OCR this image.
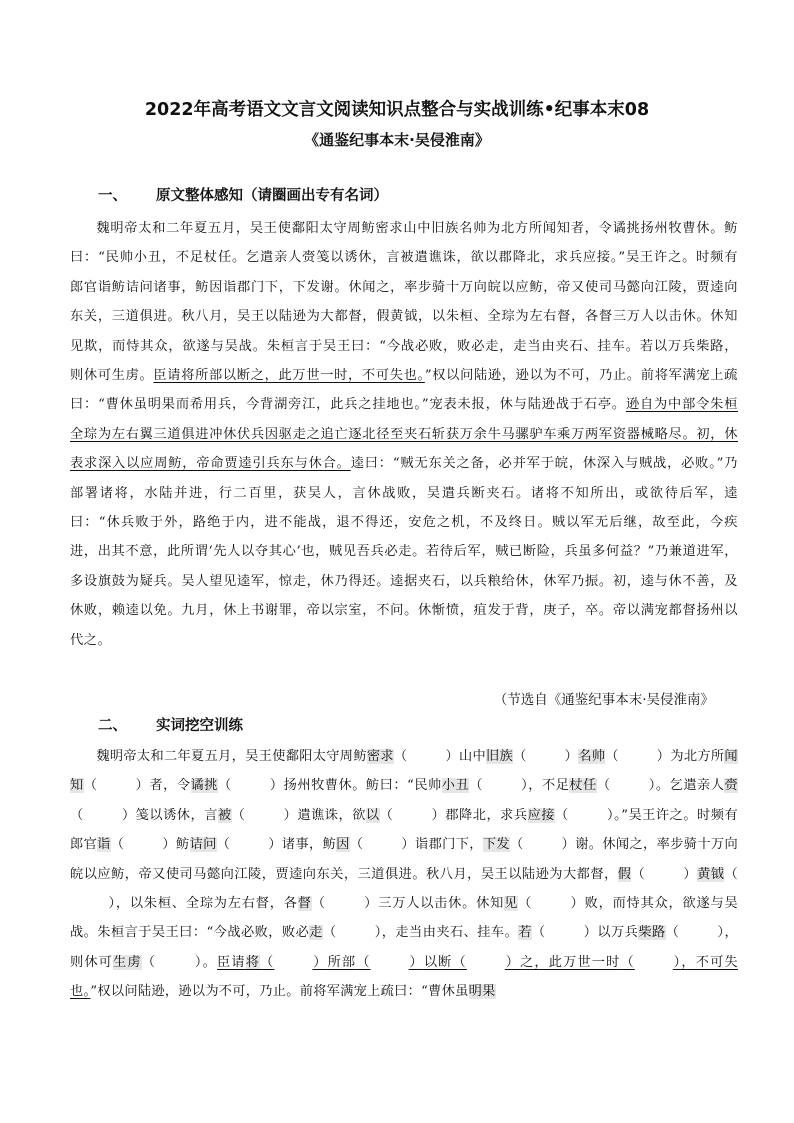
2022年高考语文文言文阅读知识点整合与实战训练•纪事本末08
《通鉴纪事本末·吴侵淮南》
一、 原文整体感知（请圈画出专有名词）

魏明帝太和二年夏五月，吴王使鄱阳太守周鲂密求山中旧族名帅为北方所闻知者，令谲挑扬州牧曹休。鲂曰：“民帅小丑，不足杖任。乞遣亲人赍笺以诱休，言被遣谯诛，欲以郡降北，求兵应接。”吴王许之。时频有郎官诣鲂诘问诸事，鲂因诣郡门下，下发谢。休闻之，率步骑十万向皖以应鲂，帝又使司马懿向江陵，贾逵向东关，三道俱进。秋八月，吴王以陆逊为大都督，假黄钺，以朱桓、全琮为左右督，各督三万人以击休。休知见欺，而恃其众，欲遂与吴战。朱桓言于吴王曰：“今战必败，败必走，走当由夹石、挂车。若以万兵柴路，则休可生虏。臣请将所部以断之，此万世一时，不可失也。”权以问陆逊，逊以为不可，乃止。前将军满宠上疏曰：“曹休虽明果而希用兵，今背湖旁江，此兵之挂地也。”宠表未报，休与陆逊战于石亭。逊自为中部令朱桓全琮为左右翼三道俱进冲休伏兵因驱走之追亡逐北径至夹石斩获万余牛马骡驴车乘万两军资器械略尽。初，休表求深入以应周鲂，帝命贾逵引兵东与休合。逵曰：“贼无东关之备，必并军于皖，休深入与贼战，必败。”乃部署诸将，水陆并进，行二百里，获吴人，言休战败，吴遣兵断夹石。诸将不知所出，或欲待后军，逵曰：“休兵败于外，路绝于内，进不能战，退不得还，安危之机，不及终日。贼以军无后继，故至此，今疾进，出其不意，此所谓‘先人以夺其心’也，贼见吾兵必走。若待后军，贼已断险，兵虽多何益？”乃兼道进军，多设旗鼓为疑兵。吴人望见逵军，惊走，休乃得还。逵据夹石，以兵粮给休，休军乃振。初，逵与休不善，及休败，赖逵以免。九月，休上书谢罪，帝以宗室，不问。休惭愤，疽发于背，庚子，卒。帝以满宠都督扬州以代之。

（节选自《通鉴纪事本末·吴侵淮南》

二、 实词挖空训练

魏明帝太和二年夏五月，吴王使鄱阳太守周鲂密求（	）山中旧族（	）名帅（	）为北方所闻知（	）者，令谲挑（	）扬州牧曹休。鲂曰：“民帅小丑（	），不足杖任（	）。乞遣亲人赍（	）笺以诱休，言被（	）遣谯诛，欲以（	）郡降北，求兵应接（	）。”吴王许之。时频有郎官诣（	）鲂诘问（	）诸事，鲂因（	）诣郡门下，下发（	）谢。休闻之，率步骑十万向皖以应鲂，帝又使司马懿向江陵，贾逵向东关，三道俱进。秋八月，吴王以陆逊为大都督，假（	）黄钺（），以朱桓、全琮为左右督，各督（	）三万人以击休。休知见（	）败，而恃其众，欲遂与吴战。朱桓言于吴王曰：“今战必败，败必走（	），走当由夹石、挂车。若（	）以万兵柴路（	），则休可生虏（	）。臣请将（	）所部（	）以断（	）之，此万世一时（	），不可失也。”权以问陆逊，逊以为不可，乃止。前将军满宠上疏曰：“曹休虽明果
